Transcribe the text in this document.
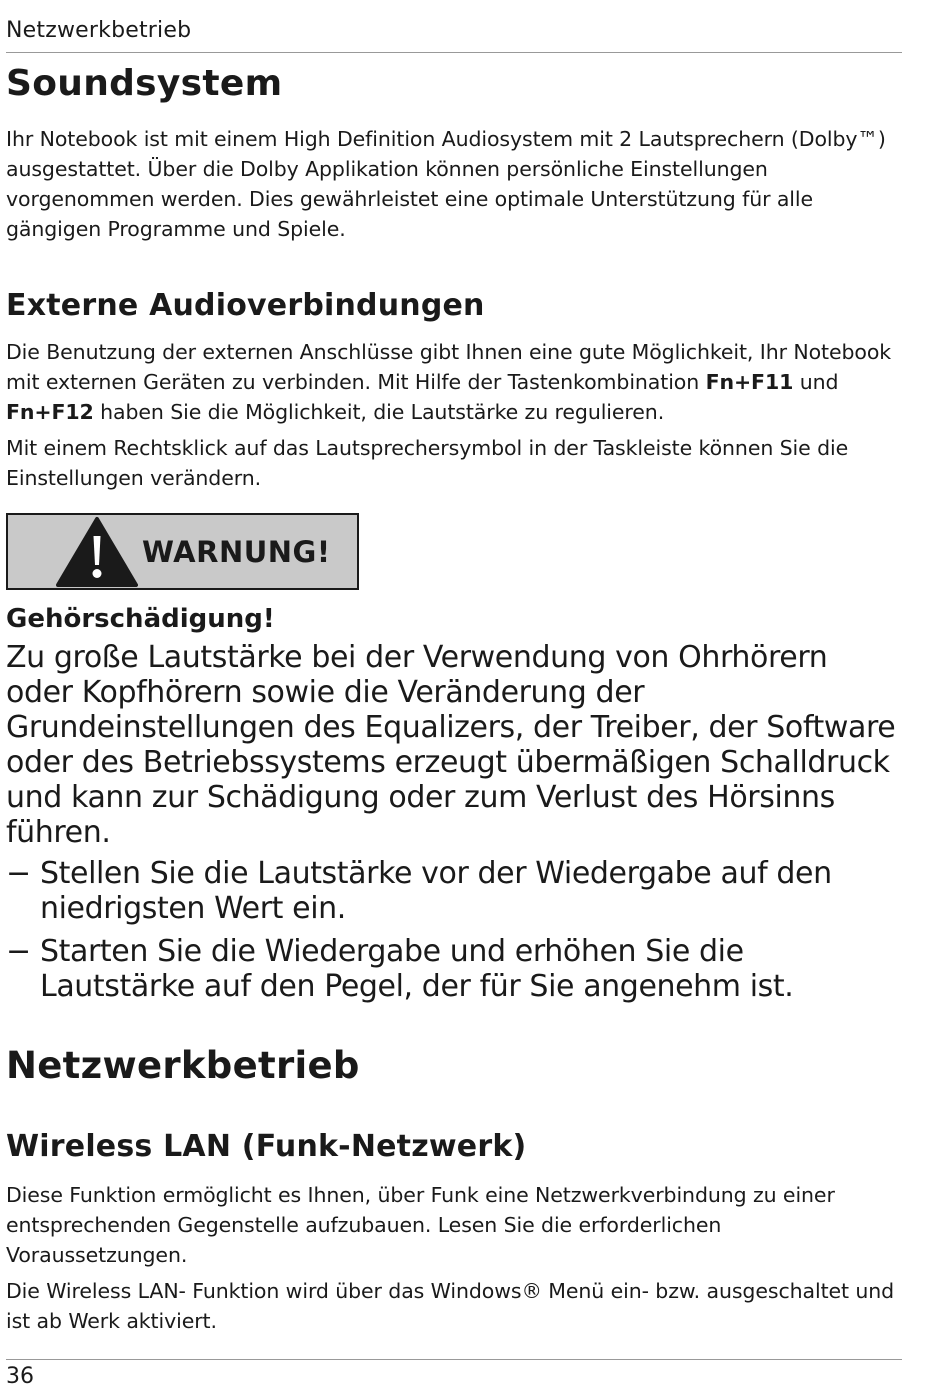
Netzwerkbetrieb
Soundsystem

Ihr Notebook ist mit einem High Definition Audiosystem mit 2 Lautsprechern (Dolby™) ausgestattet. Über die Dolby Applikation können persönliche Einstellungen vorgenommen werden. Dies gewährleistet eine optimale Unterstützung für alle gängigen Programme und Spiele.

Externe Audioverbindungen

Die Benutzung der externen Anschlüsse gibt Ihnen eine gute Möglichkeit, Ihr Notebook mit externen Geräten zu verbinden. Mit Hilfe der Tastenkombination Fn+F11 und Fn+F12 haben Sie die Möglichkeit, die Lautstärke zu regulieren.

Mit einem Rechtsklick auf das Lautsprechersymbol in der Taskleiste können Sie die Einstellungen verändern.

WARNUNG!
Gehörschädigung!

Zu große Lautstärke bei der Verwendung von Ohrhörern oder Kopfhörern sowie die Veränderung der Grundeinstellungen des Equalizers, der Treiber, der Software oder des Betriebssystems erzeugt übermäßigen Schalldruck und kann zur Schädigung oder zum Verlust des Hörsinns führen.

− Stellen Sie die Lautstärke vor der Wiedergabe auf den niedrigsten Wert ein.
− Starten Sie die Wiedergabe und erhöhen Sie die Lautstärke auf den Pegel, der für Sie angenehm ist.
Netzwerkbetrieb
Wireless LAN (Funk-Netzwerk)

Diese Funktion ermöglicht es Ihnen, über Funk eine Netzwerkverbindung zu einer entsprechenden Gegenstelle aufzubauen. Lesen Sie die erforderlichen Voraussetzungen.

Die Wireless LAN- Funktion wird über das Windows® Menü ein- bzw. ausgeschaltet und ist ab Werk aktiviert.

36
